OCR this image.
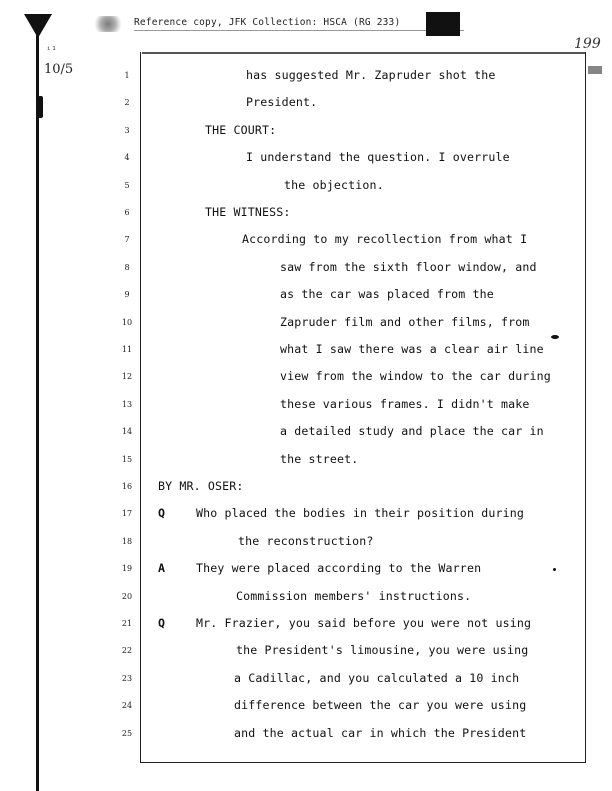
Reference copy, JFK Collection: HSCA (RG 233)
199
10/5
ⁱ¹
1	has suggested Mr. Zapruder shot the
2	President.
3	THE COURT:
4	I understand the question. I overrule
5	the objection.
6	THE WITNESS:
7	According to my recollection from what I
8	saw from the sixth floor window, and
9	as the car was placed from the
10	Zapruder film and other films, from
11	what I saw there was a clear air line
12	view from the window to the car during
13	these various frames. I didn't make
14	a detailed study and place the car in
15	the street.
16	BY MR. OSER:
17	Q	Who placed the bodies in their position during
18	the reconstruction?
19	A	They were placed according to the Warren
20	Commission members' instructions.
21	Q	Mr. Frazier, you said before you were not using
22	the President's limousine, you were using
23	a Cadillac, and you calculated a 10 inch
24	difference between the car you were using
25	and the actual car in which the President
